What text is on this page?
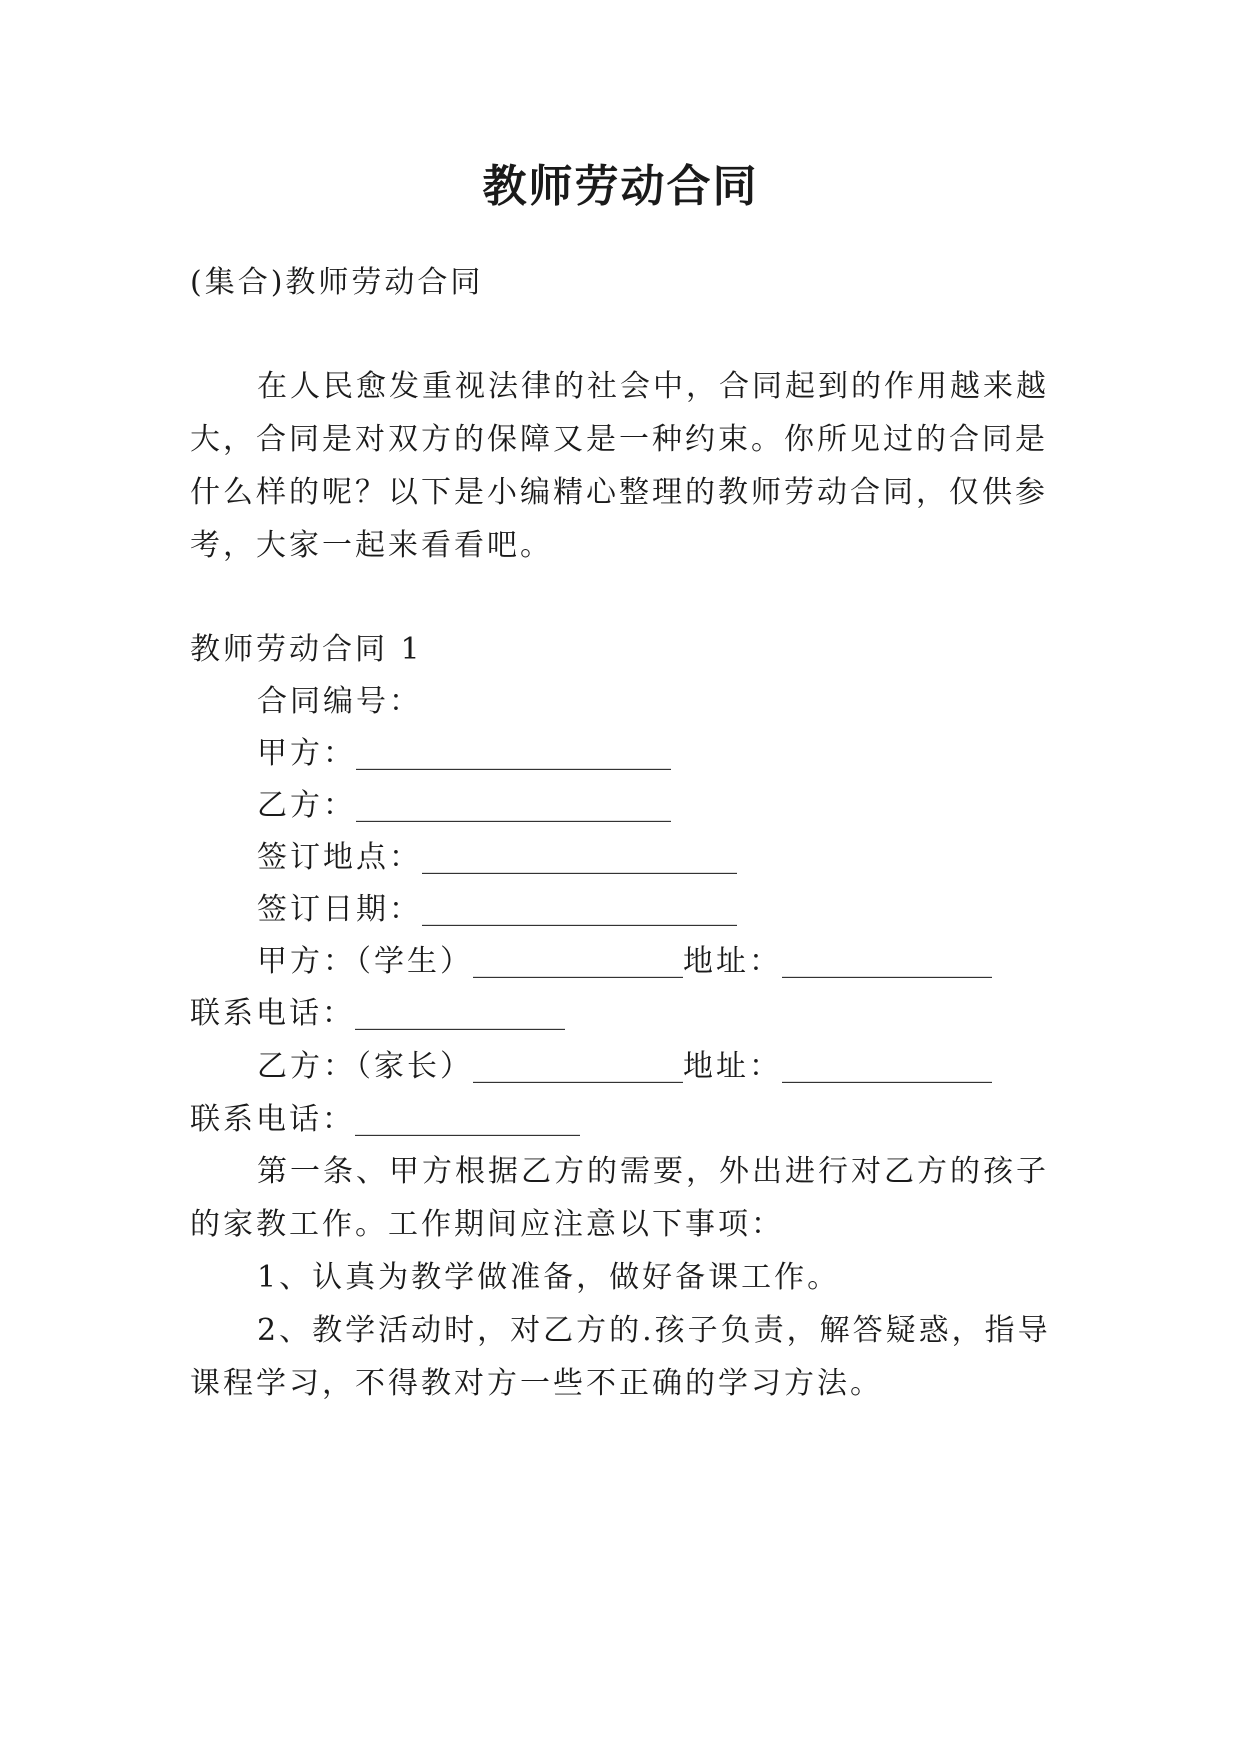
教师劳动合同
(集合)教师劳动合同
在人民愈发重视法律的社会中，合同起到的作用越来越
大，合同是对双方的保障又是一种约束。你所见过的合同是
什么样的呢？以下是小编精心整理的教师劳动合同，仅供参
考，大家一起来看看吧。
教师劳动合同 1
合同编号：
甲方：_____________________
乙方：_____________________
签订地点：_____________________
签订日期：_____________________
甲方：（学生）______________地址：______________
联系电话：______________
乙方：（家长）______________地址：______________
联系电话：_______________
第一条、甲方根据乙方的需要，外出进行对乙方的孩子
的家教工作。工作期间应注意以下事项：
1、认真为教学做准备，做好备课工作。
2、教学活动时，对乙方的.孩子负责，解答疑惑，指导
课程学习，不得教对方一些不正确的学习方法。
